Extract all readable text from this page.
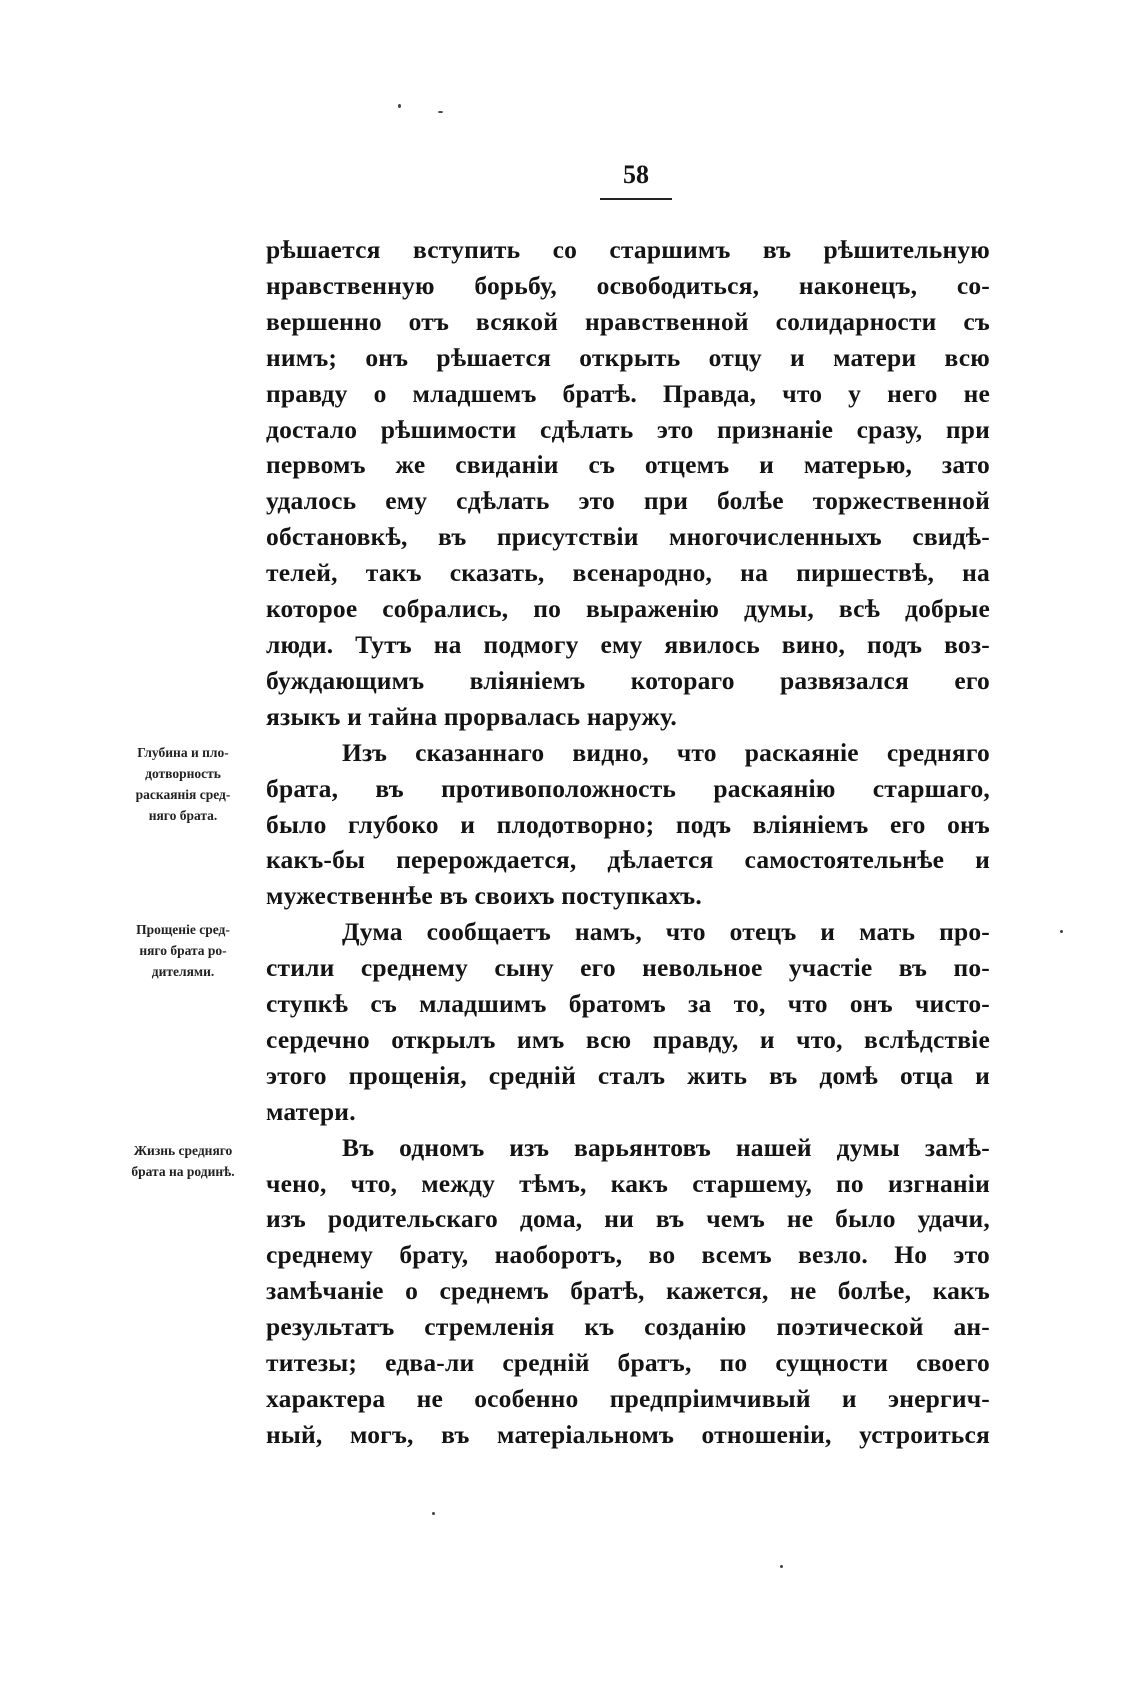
58
рѣшается вступить со старшимъ въ рѣшительную
нравственную борьбу, освободиться, наконецъ, со-
вершенно отъ всякой нравственной солидарности съ
нимъ; онъ рѣшается открыть отцу и матери всю
правду о младшемъ братѣ. Правда, что у него не
достало рѣшимости сдѣлать это признаніе сразу, при
первомъ же свиданіи съ отцемъ и матерью, зато
удалось ему сдѣлать это при болѣе торжественной
обстановкѣ, въ присутствіи многочисленныхъ свидѣ-
телей, такъ сказать, всенародно, на пиршествѣ, на
которое собрались, по выраженію думы, всѣ добрые
люди. Тутъ на подмогу ему явилось вино, подъ воз-
буждающимъ вліяніемъ котораго развязался его
языкъ и тайна прорвалась наружу.
Изъ сказаннаго видно, что раскаяніе средняго
брата, въ противоположность раскаянію старшаго,
было глубоко и плодотворно; подъ вліяніемъ его онъ
какъ-бы перерождается, дѣлается самостоятельнѣе и
мужественнѣе въ своихъ поступкахъ.
Дума сообщаетъ намъ, что отецъ и мать про-
стили среднему сыну его невольное участіе въ по-
ступкѣ съ младшимъ братомъ за то, что онъ чисто-
сердечно открылъ имъ всю правду, и что, вслѣдствіе
этого прощенія, средній сталъ жить въ домѣ отца и
матери.
Въ одномъ изъ варьянтовъ нашей думы замѣ-
чено, что, между тѣмъ, какъ старшему, по изгнаніи
изъ родительскаго дома, ни въ чемъ не было удачи,
среднему брату, наоборотъ, во всемъ везло. Но это
замѣчаніе о среднемъ братѣ, кажется, не болѣе, какъ
результатъ стремленія къ созданію поэтической ан-
титезы; едва-ли средній братъ, по сущности своего
характера не особенно предпріимчивый и энергич-
ный, могъ, въ матеріальномъ отношеніи, устроиться
Глубина и пло-
дотворность
раскаянія сред-
няго брата.
Прощеніе сред-
няго брата ро-
дителями.
Жизнь средняго
брата на родинѣ.
